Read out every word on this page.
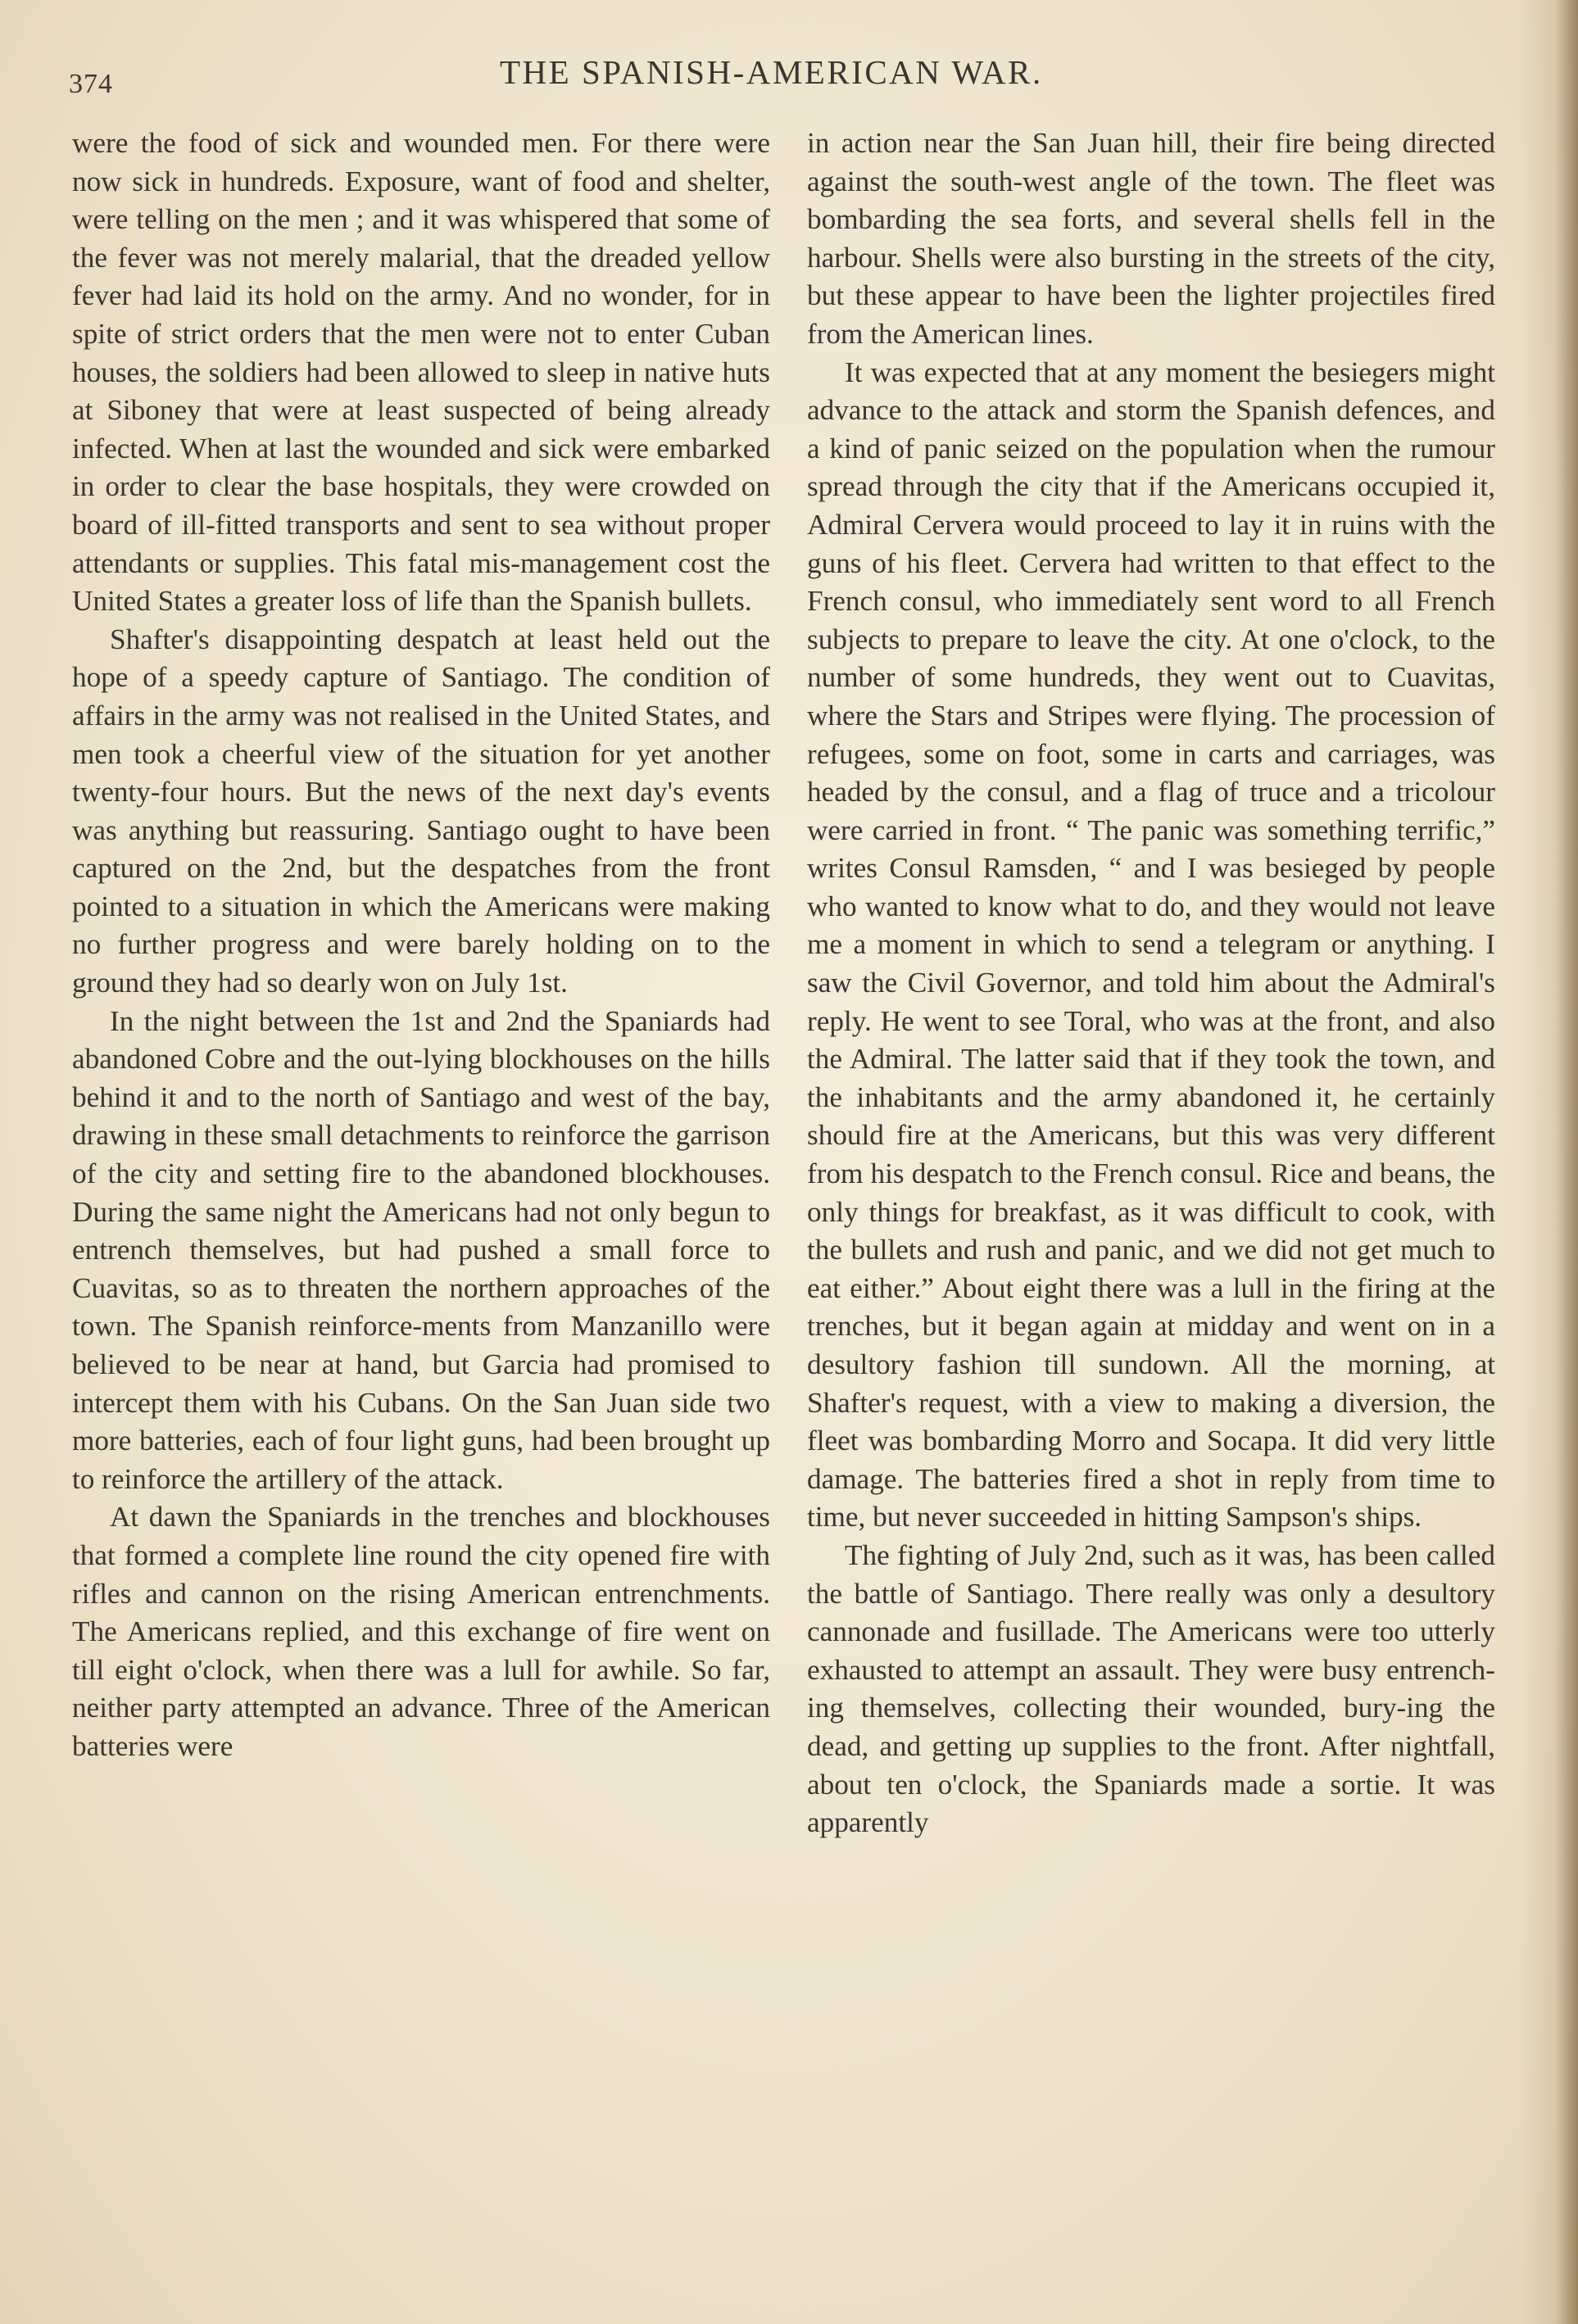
374	THE SPANISH-AMERICAN WAR.

were the food of sick and wounded men. For there were now sick in hundreds. Exposure, want of food and shelter, were telling on the men ; and it was whispered that some of the fever was not merely malarial, that the dreaded yellow fever had laid its hold on the army. And no wonder, for in spite of strict orders that the men were not to enter Cuban houses, the soldiers had been allowed to sleep in native huts at Siboney that were at least suspected of being already infected. When at last the wounded and sick were embarked in order to clear the base hospitals, they were crowded on board of ill-fitted transports and sent to sea without proper attendants or supplies. This fatal mis-management cost the United States a greater loss of life than the Spanish bullets.

Shafter's disappointing despatch at least held out the hope of a speedy capture of Santiago. The condition of affairs in the army was not realised in the United States, and men took a cheerful view of the situation for yet another twenty-four hours. But the news of the next day's events was anything but reassuring. Santiago ought to have been captured on the 2nd, but the despatches from the front pointed to a situation in which the Americans were making no further progress and were barely holding on to the ground they had so dearly won on July 1st.

In the night between the 1st and 2nd the Spaniards had abandoned Cobre and the out-lying blockhouses on the hills behind it and to the north of Santiago and west of the bay, drawing in these small detachments to reinforce the garrison of the city and setting fire to the abandoned blockhouses. During the same night the Americans had not only begun to entrench themselves, but had pushed a small force to Cuavitas, so as to threaten the northern approaches of the town. The Spanish reinforce-ments from Manzanillo were believed to be near at hand, but Garcia had promised to intercept them with his Cubans. On the San Juan side two more batteries, each of four light guns, had been brought up to reinforce the artillery of the attack.

At dawn the Spaniards in the trenches and blockhouses that formed a complete line round the city opened fire with rifles and cannon on the rising American entrenchments. The Americans replied, and this exchange of fire went on till eight o'clock, when there was a lull for awhile. So far, neither party attempted an advance. Three of the American batteries were

in action near the San Juan hill, their fire being directed against the south-west angle of the town. The fleet was bombarding the sea forts, and several shells fell in the harbour. Shells were also bursting in the streets of the city, but these appear to have been the lighter projectiles fired from the American lines.

It was expected that at any moment the besiegers might advance to the attack and storm the Spanish defences, and a kind of panic seized on the population when the rumour spread through the city that if the Americans occupied it, Admiral Cervera would proceed to lay it in ruins with the guns of his fleet. Cervera had written to that effect to the French consul, who immediately sent word to all French subjects to prepare to leave the city. At one o'clock, to the number of some hundreds, they went out to Cuavitas, where the Stars and Stripes were flying. The procession of refugees, some on foot, some in carts and carriages, was headed by the consul, and a flag of truce and a tricolour were carried in front. “ The panic was something terrific,” writes Consul Ramsden, “ and I was besieged by people who wanted to know what to do, and they would not leave me a moment in which to send a telegram or anything. I saw the Civil Governor, and told him about the Admiral's reply. He went to see Toral, who was at the front, and also the Admiral. The latter said that if they took the town, and the inhabitants and the army abandoned it, he certainly should fire at the Americans, but this was very different from his despatch to the French consul. Rice and beans, the only things for breakfast, as it was difficult to cook, with the bullets and rush and panic, and we did not get much to eat either.” About eight there was a lull in the firing at the trenches, but it began again at midday and went on in a desultory fashion till sundown. All the morning, at Shafter's request, with a view to making a diversion, the fleet was bombarding Morro and Socapa. It did very little damage. The batteries fired a shot in reply from time to time, but never succeeded in hitting Sampson's ships.

The fighting of July 2nd, such as it was, has been called the battle of Santiago. There really was only a desultory cannonade and fusillade. The Americans were too utterly exhausted to attempt an assault. They were busy entrench-ing themselves, collecting their wounded, bury-ing the dead, and getting up supplies to the front. After nightfall, about ten o'clock, the Spaniards made a sortie. It was apparently
